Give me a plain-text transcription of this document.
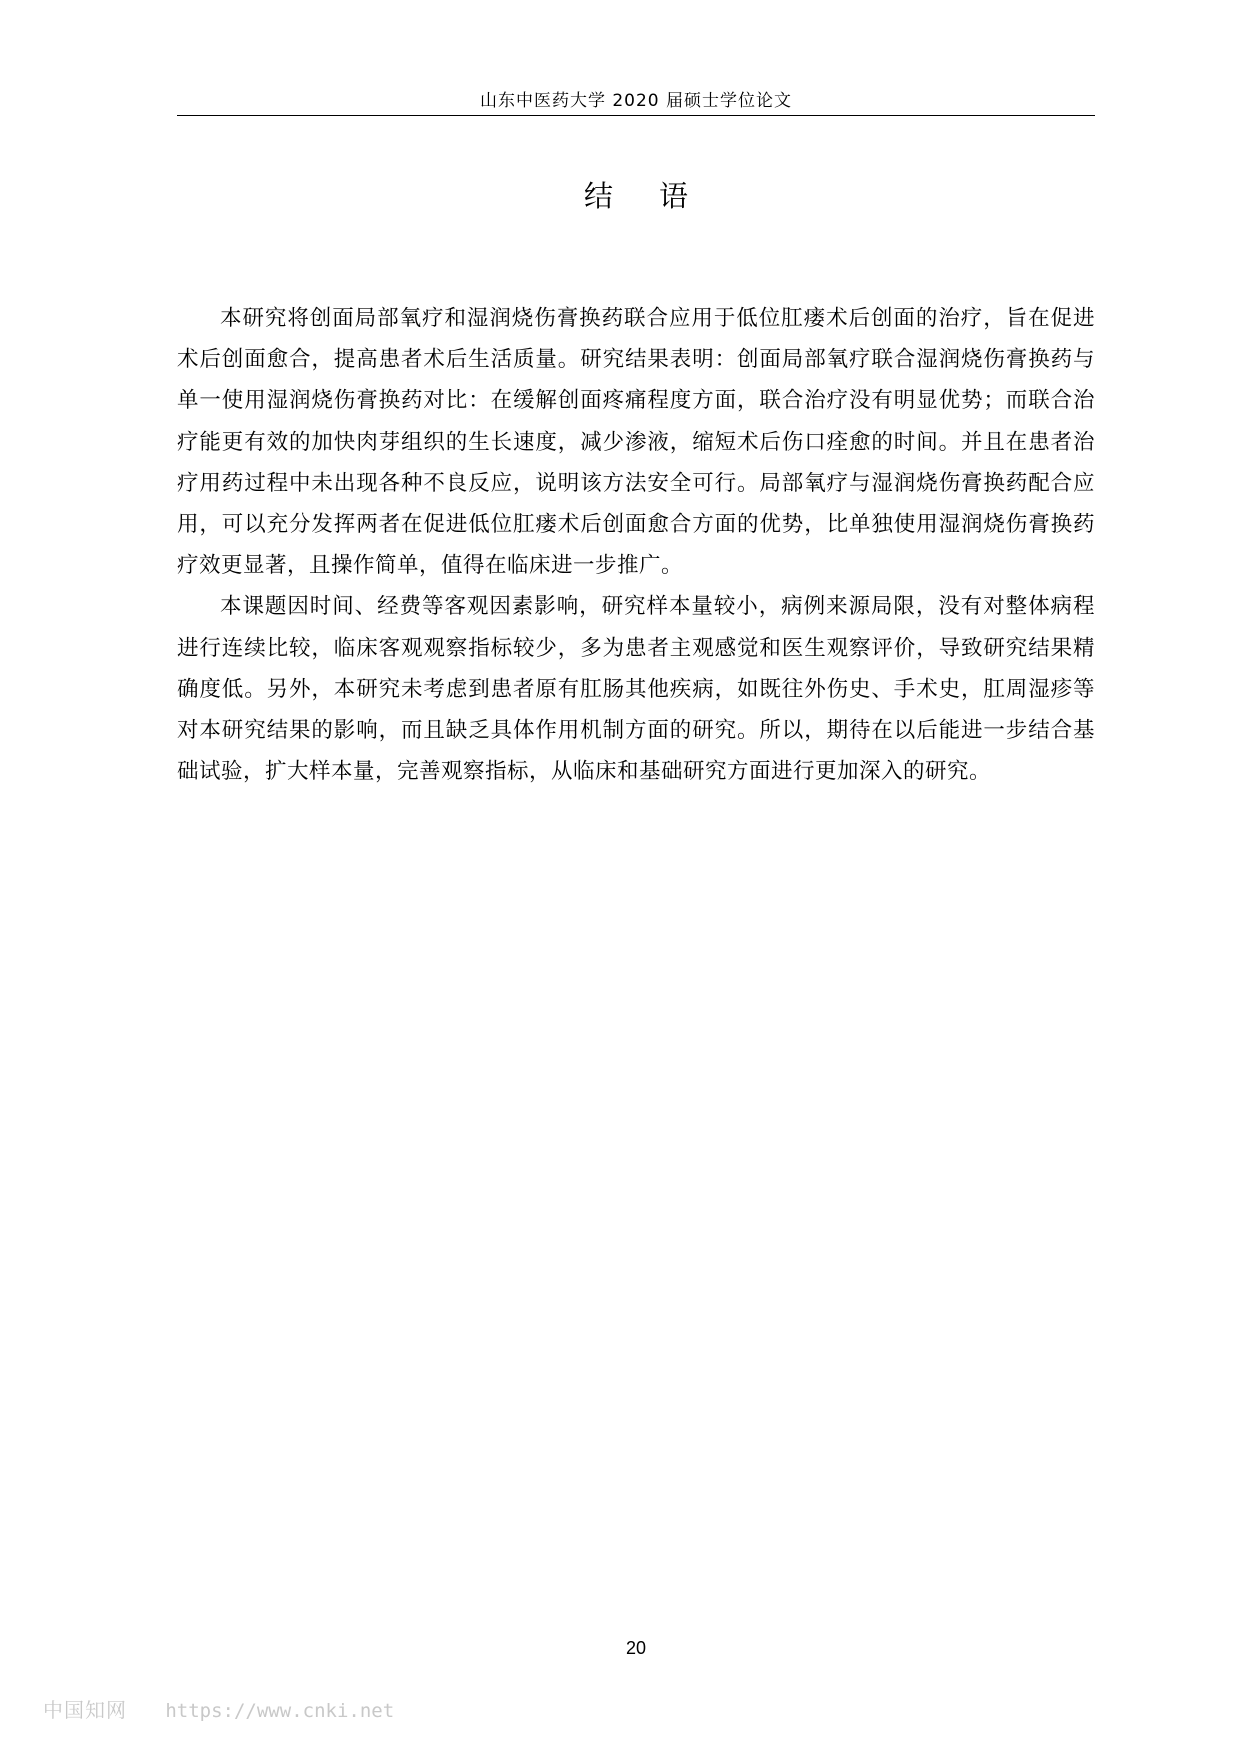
山东中医药大学 2020 届硕士学位论文
结语

本研究将创面局部氧疗和湿润烧伤膏换药联合应用于低位肛瘘术后创面的治疗，旨在促进术后创面愈合，提高患者术后生活质量。研究结果表明：创面局部氧疗联合湿润烧伤膏换药与单一使用湿润烧伤膏换药对比：在缓解创面疼痛程度方面，联合治疗没有明显优势；而联合治疗能更有效的加快肉芽组织的生长速度，减少渗液，缩短术后伤口痊愈的时间。并且在患者治疗用药过程中未出现各种不良反应，说明该方法安全可行。局部氧疗与湿润烧伤膏换药配合应用，可以充分发挥两者在促进低位肛瘘术后创面愈合方面的优势，比单独使用湿润烧伤膏换药疗效更显著，且操作简单，值得在临床进一步推广。

本课题因时间、经费等客观因素影响，研究样本量较小，病例来源局限，没有对整体病程进行连续比较，临床客观观察指标较少，多为患者主观感觉和医生观察评价，导致研究结果精确度低。另外，本研究未考虑到患者原有肛肠其他疾病，如既往外伤史、手术史，肛周湿疹等对本研究结果的影响，而且缺乏具体作用机制方面的研究。所以，期待在以后能进一步结合基础试验，扩大样本量，完善观察指标，从临床和基础研究方面进行更加深入的研究。

20
中国知网 https://www.cnki.net
